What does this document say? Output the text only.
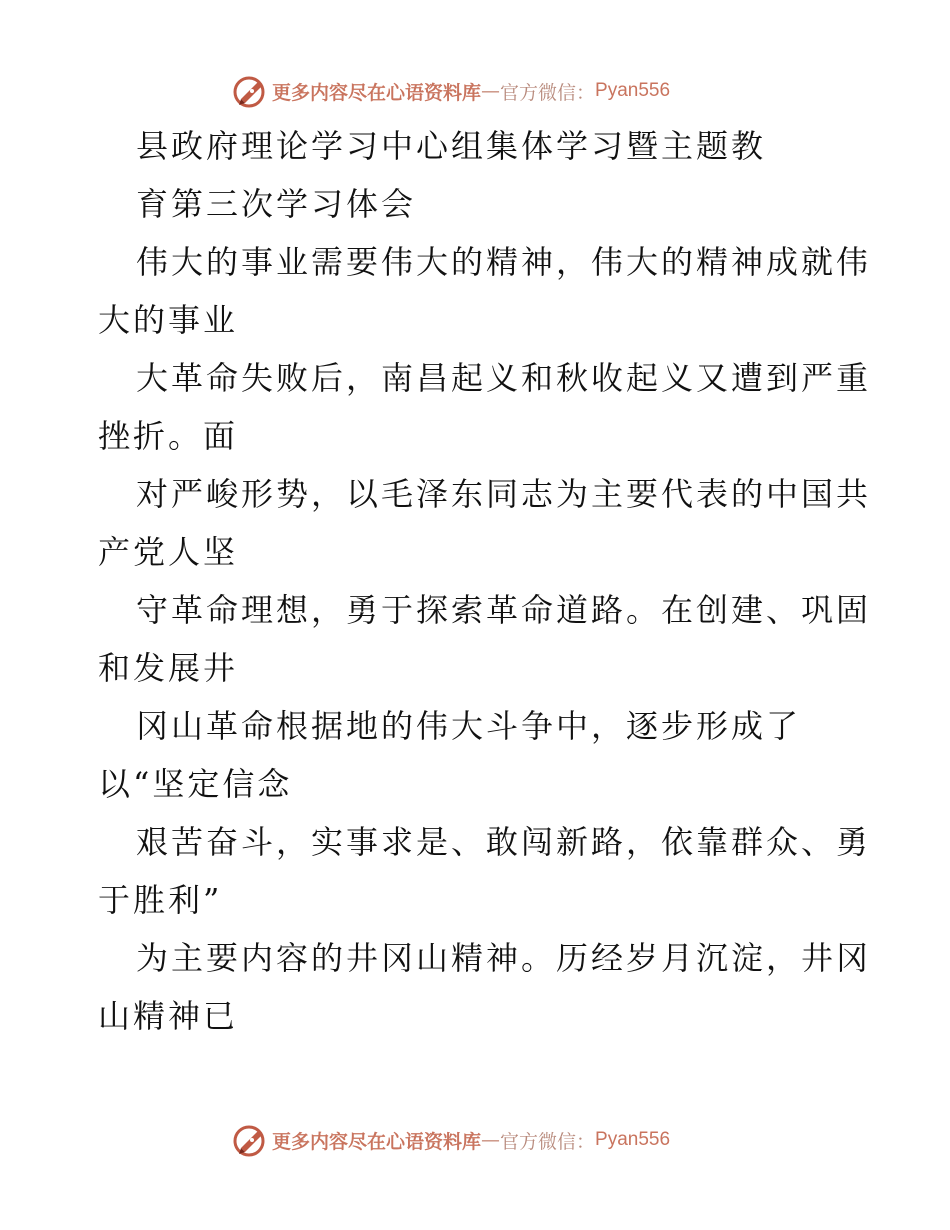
更多内容尽在心语资料库 — 官方微信： Pyan556
县政府理论学习中心组集体学习暨主题教
育第三次学习体会
伟大的事业需要伟大的精神，伟大的精神成就伟
大的事业
大革命失败后，南昌起义和秋收起义又遭到严重
挫折。面
对严峻形势，以毛泽东同志为主要代表的中国共
产党人坚
守革命理想，勇于探索革命道路。在创建、巩固
和发展井
冈山革命根据地的伟大斗争中，逐步形成了
以“坚定信念
艰苦奋斗，实事求是、敢闯新路，依靠群众、勇
于胜利”
为主要内容的井冈山精神。历经岁月沉淀，井冈
山精神已
更多内容尽在心语资料库 — 官方微信： Pyan556
